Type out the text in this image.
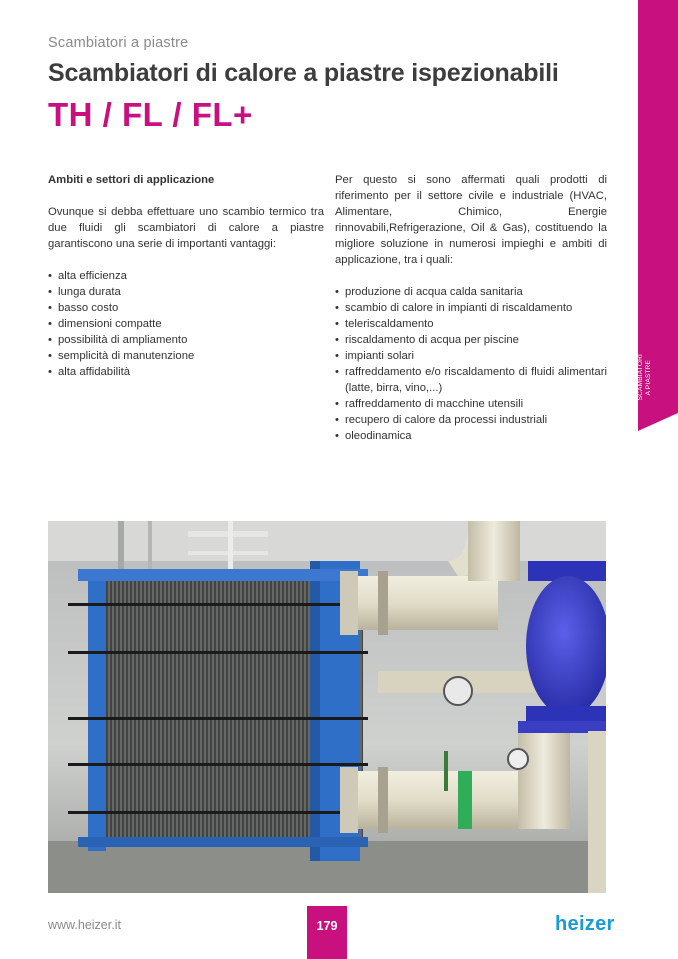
SCAMBIATORI A PIASTRE
Scambiatori a piastre
Scambiatori di calore a piastre ispezionabili
TH / FL / FL+
Ambiti e settori di applicazione

Ovunque si debba effettuare uno scambio termico tra due fluidi gli scambiatori di calore a piastre garantiscono una serie di importanti vantaggi:

• alta efficienza
• lunga durata
• basso costo
• dimensioni compatte
• possibilità di ampliamento
• semplicità di manutenzione
• alta affidabilità

Per questo si sono affermati quali prodotti di riferimento per il settore civile e industriale (HVAC, Alimentare, Chimico, Energie rinnovabili,Refrigerazione, Oil & Gas), costituendo la migliore soluzione in numerosi impieghi e ambiti di applicazione, tra i quali:

• produzione di acqua calda sanitaria
• scambio di calore in impianti di riscaldamento
• teleriscaldamento
• riscaldamento di acqua per piscine
• impianti solari
• raffreddamento e/o riscaldamento di fluidi alimentari (latte, birra, vino,...)
• raffreddamento di macchine utensili
• recupero di calore da processi industriali
• oleodinamica
www.heizer.it	179	heizer
